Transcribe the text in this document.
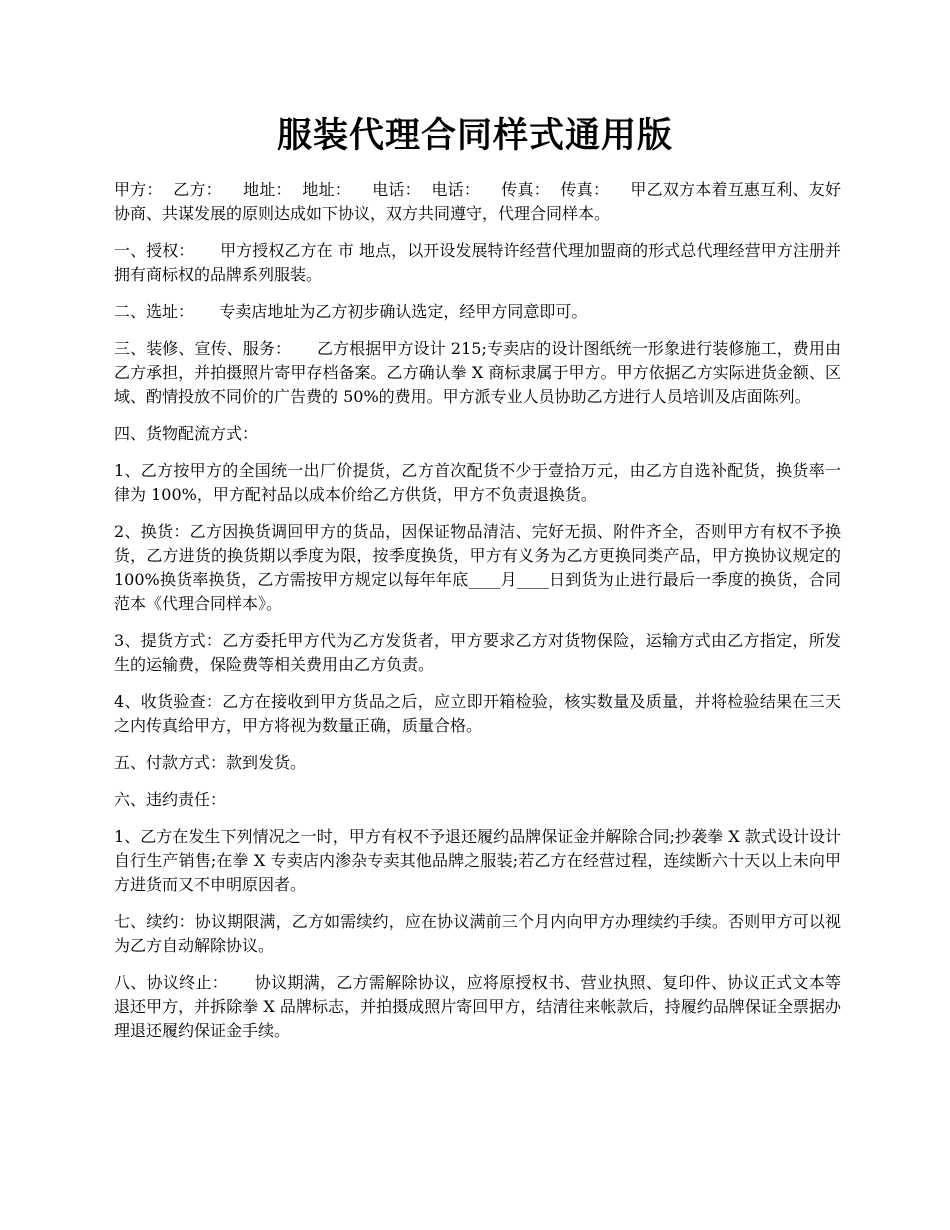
服装代理合同样式通用版

甲方：  乙方：    地址：  地址：    电话：  电话：    传真：  传真：    甲乙双方本着互惠互利、友好协商、共谋发展的原则达成如下协议，双方共同遵守，代理合同样本。

一、授权：     甲方授权乙方在 市 地点，以开设发展特许经营代理加盟商的形式总代理经营甲方注册并拥有商标权的品牌系列服装。

二、选址：     专卖店地址为乙方初步确认选定，经甲方同意即可。

三、装修、宣传、服务：     乙方根据甲方设计 215;专卖店的设计图纸统一形象进行装修施工，费用由乙方承担，并拍摄照片寄甲存档备案。乙方确认拳 X 商标隶属于甲方。甲方依据乙方实际进货金额、区域、酌情投放不同价的广告费的 50%的费用。甲方派专业人员协助乙方进行人员培训及店面陈列。

四、货物配流方式：

1、乙方按甲方的全国统一出厂价提货，乙方首次配货不少于壹拾万元，由乙方自选补配货，换货率一律为 100%，甲方配衬品以成本价给乙方供货，甲方不负责退换货。

2、换货：乙方因换货调回甲方的货品，因保证物品清洁、完好无损、附件齐全，否则甲方有权不予换货，乙方进货的换货期以季度为限，按季度换货，甲方有义务为乙方更换同类产品，甲方换协议规定的 100%换货率换货，乙方需按甲方规定以每年年底____月____日到货为止进行最后一季度的换货，合同范本《代理合同样本》。

3、提货方式：乙方委托甲方代为乙方发货者，甲方要求乙方对货物保险，运输方式由乙方指定，所发生的运输费，保险费等相关费用由乙方负责。

4、收货验查：乙方在接收到甲方货品之后，应立即开箱检验，核实数量及质量，并将检验结果在三天之内传真给甲方，甲方将视为数量正确，质量合格。

五、付款方式：款到发货。

六、违约责任：

1、乙方在发生下列情况之一时，甲方有权不予退还履约品牌保证金并解除合同;抄袭拳 X 款式设计设计自行生产销售;在拳 X 专卖店内渗杂专卖其他品牌之服装;若乙方在经营过程，连续断六十天以上未向甲方进货而又不申明原因者。

七、续约：协议期限满，乙方如需续约，应在协议满前三个月内向甲方办理续约手续。否则甲方可以视为乙方自动解除协议。

八、协议终止：     协议期满，乙方需解除协议，应将原授权书、营业执照、复印件、协议正式文本等退还甲方，并拆除拳 X 品牌标志，并拍摄成照片寄回甲方，结清往来帐款后，持履约品牌保证全票据办理退还履约保证金手续。
